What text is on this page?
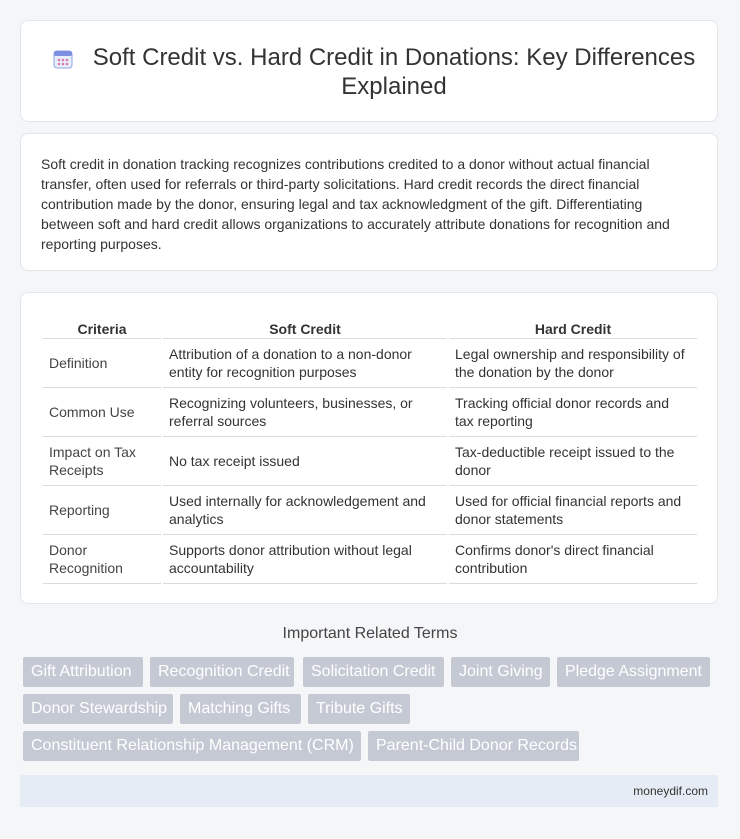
Soft Credit vs. Hard Credit in Donations: Key Differences Explained

Soft credit in donation tracking recognizes contributions credited to a donor without actual financial transfer, often used for referrals or third-party solicitations. Hard credit records the direct financial contribution made by the donor, ensuring legal and tax acknowledgment of the gift. Differentiating between soft and hard credit allows organizations to accurately attribute donations for recognition and reporting purposes.

Criteria	Soft Credit	Hard Credit
Definition	Attribution of a donation to a non-donor entity for recognition purposes	Legal ownership and responsibility of the donation by the donor
Common Use	Recognizing volunteers, businesses, or referral sources	Tracking official donor records and tax reporting
Impact on Tax Receipts	No tax receipt issued	Tax-deductible receipt issued to the donor
Reporting	Used internally for acknowledgement and analytics	Used for official financial reports and donor statements
Donor Recognition	Supports donor attribution without legal accountability	Confirms donor's direct financial contribution
Important Related Terms
Gift Attribution	Recognition Credit	Solicitation Credit	Joint Giving	Pledge Assignment
Donor Stewardship	Matching Gifts	Tribute Gifts
Constituent Relationship Management (CRM)	Parent-Child Donor Records
moneydif.com
